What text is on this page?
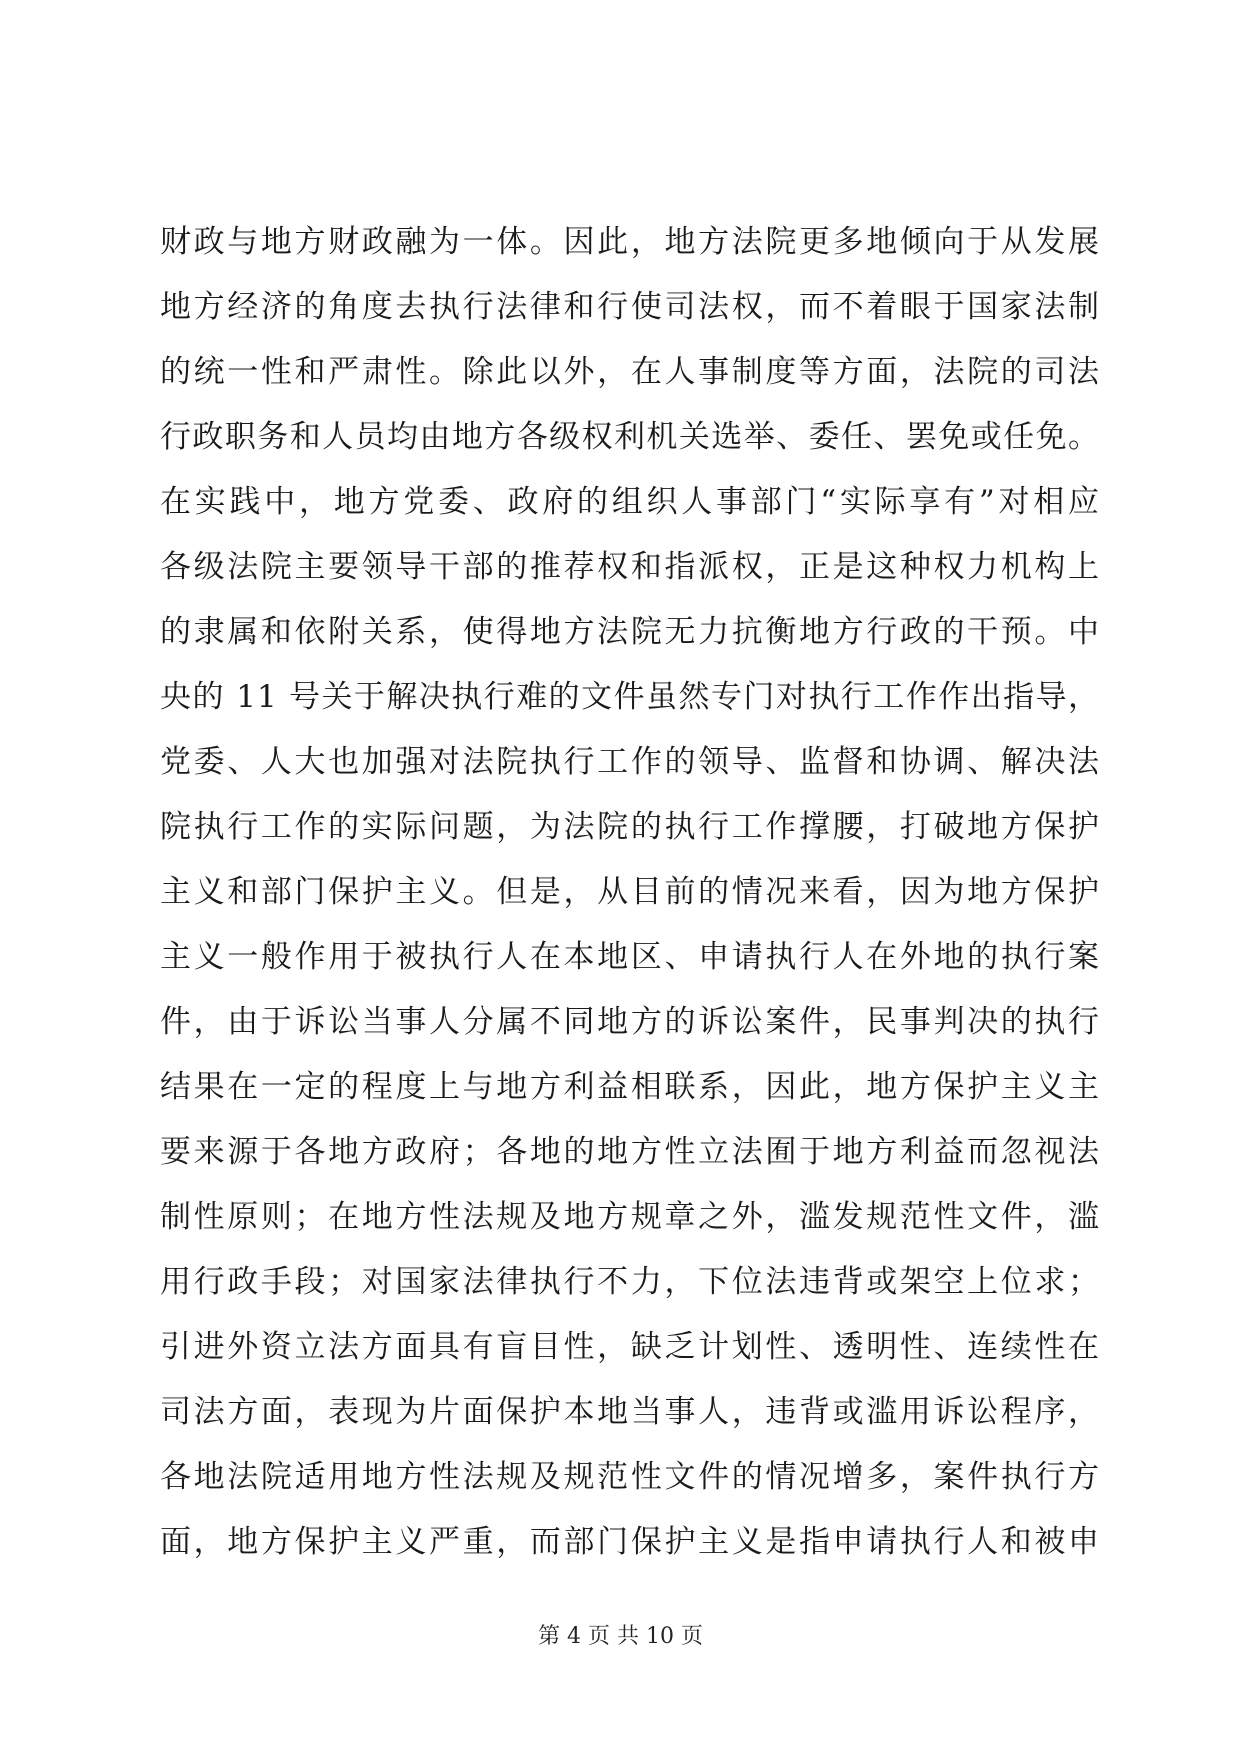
财政与地方财政融为一体。因此，地方法院更多地倾向于从发展
地方经济的角度去执行法律和行使司法权，而不着眼于国家法制
的统一性和严肃性。除此以外，在人事制度等方面，法院的司法
行政职务和人员均由地方各级权利机关选举、委任、罢免或任免。
在实践中，地方党委、政府的组织人事部门“实际享有”对相应
各级法院主要领导干部的推荐权和指派权，正是这种权力机构上
的隶属和依附关系，使得地方法院无力抗衡地方行政的干预。中
央的 11 号关于解决执行难的文件虽然专门对执行工作作出指导，
党委、人大也加强对法院执行工作的领导、监督和协调、解决法
院执行工作的实际问题，为法院的执行工作撑腰，打破地方保护
主义和部门保护主义。但是，从目前的情况来看，因为地方保护
主义一般作用于被执行人在本地区、申请执行人在外地的执行案
件，由于诉讼当事人分属不同地方的诉讼案件，民事判决的执行
结果在一定的程度上与地方利益相联系，因此，地方保护主义主
要来源于各地方政府；各地的地方性立法囿于地方利益而忽视法
制性原则；在地方性法规及地方规章之外，滥发规范性文件，滥
用行政手段；对国家法律执行不力，下位法违背或架空上位求；
引进外资立法方面具有盲目性，缺乏计划性、透明性、连续性在
司法方面，表现为片面保护本地当事人，违背或滥用诉讼程序，
各地法院适用地方性法规及规范性文件的情况增多，案件执行方
面，地方保护主义严重，而部门保护主义是指申请执行人和被申
第 4 页 共 10 页
